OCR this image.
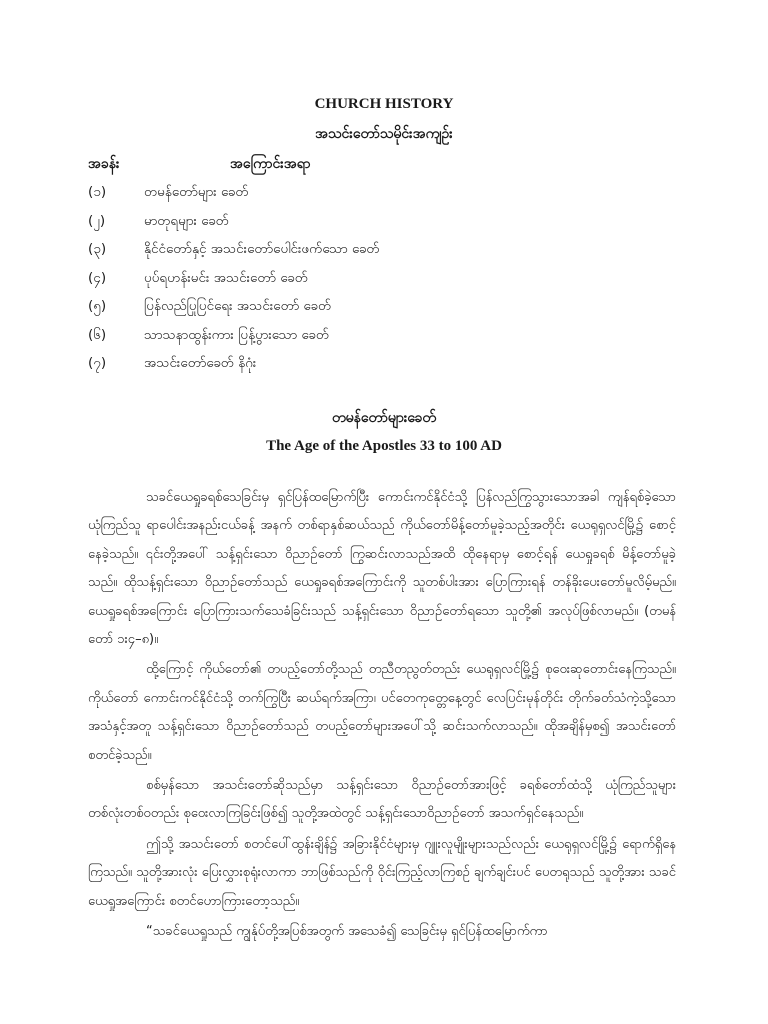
CHURCH HISTORY
အသင်းတော်သမိုင်းအကျဉ်း
အခန်း	အကြောင်းအရာ
(၁)	တမန်တော်များ ခေတ်
(၂)	မာတုရများ ခေတ်
(၃)	နိုင်ငံတော်နှင့် အသင်းတော်ပေါင်းဖက်သော ခေတ်
(၄)	ပုပ်ရဟန်းမင်း အသင်းတော် ခေတ်
(၅)	ပြန်လည်ပြုပြင်ရေး အသင်းတော် ခေတ်
(၆)	သာသနာထွန်းကား ပြန့်ပွားသော ခေတ်
(၇)	အသင်းတော်ခေတ် နိဂုံး
တမန်တော်များခေတ်
The Age of the Apostles 33 to 100 AD

သခင်ယေရှုခရစ်သေခြင်းမှ ရှင်ပြန်ထမြောက်ပြီး ကောင်းကင်နိုင်ငံသို့ ပြန်လည်ကြွသွားသောအခါ ကျန်ရစ်ခဲ့သော ယုံကြည်သူ ရာပေါင်းအနည်းငယ်ခန့် အနက် တစ်ရာနှစ်ဆယ်သည် ကိုယ်တော်မိန့်တော်မူခဲ့သည့်အတိုင်း ယေရုရှလင်မြို့၌ စောင့်နေခဲ့သည်။ ၎င်းတို့အပေါ် သန့်ရှင်းသော ဝိညာဉ်တော် ကြွဆင်းလာသည်အထိ ထိုနေရာမှ စောင့်ရန် ယေရှုခရစ် မိန့်တော်မူခဲ့သည်။ ထိုသန့်ရှင်းသော ဝိညာဉ်တော်သည် ယေရှုခရစ်အကြောင်းကို သူတစ်ပါးအား ပြောကြားရန် တန်ခိုးပေးတော်မူလိမ့်မည်။ ယေရှုခရစ်အကြောင်း ပြောကြားသက်သေခံခြင်းသည် သန့်ရှင်းသော ဝိညာဉ်တော်ရသော သူတို့၏ အလုပ်ဖြစ်လာမည်။ (တမန်တော် ၁း၄–၈)။

ထို့ကြောင့် ကိုယ်တော်၏ တပည့်တော်တို့သည် တညီတညွတ်တည်း ယေရုရှလင်မြို့၌ စုဝေးဆုတောင်းနေကြသည်။ ကိုယ်တော် ကောင်းကင်နိုင်ငံသို့ တက်ကြွပြီး ဆယ်ရက်အကြာ၊ ပင်တေကုတ္တေနေ့တွင် လေပြင်းမုန်တိုင်း တိုက်ခတ်သံကဲ့သို့သော အသံနှင့်အတူ သန့်ရှင်းသော ဝိညာဉ်တော်သည် တပည့်တော်များအပေါ်သို့ ဆင်းသက်လာသည်။ ထိုအချိန်မှစ၍ အသင်းတော် စတင်ခဲ့သည်။

စစ်မှန်သော အသင်းတော်ဆိုသည်မှာ သန့်ရှင်းသော ဝိညာဉ်တော်အားဖြင့် ခရစ်တော်ထံသို့ ယုံကြည်သူများတစ်လုံးတစ်ဝတည်း စုဝေးလာကြခြင်းဖြစ်၍ သူတို့အထဲတွင် သန့်ရှင်းသောဝိညာဉ်တော် အသက်ရှင်နေသည်။

ဤသို့ အသင်းတော် စတင်ပေါ်ထွန်းချိန်၌ အခြားနိုင်ငံများမှ ဂျူးလူမျိုးများသည်လည်း ယေရုရှလင်မြို့၌ ရောက်ရှိနေကြသည်။ သူတို့အားလုံး ပြေးလွှားစုရုံးလာကာ ဘာဖြစ်သည်ကို ဝိုင်းကြည့်လာကြစဉ် ချက်ချင်းပင် ပေတရုသည် သူတို့အား သခင်ယေရှုအကြောင်း စတင်ဟောကြားတော့သည်။

“သခင်ယေရှုသည် ကျွန်ုပ်တို့အပြစ်အတွက် အသေခံ၍ သေခြင်းမှ ရှင်ပြန်ထမြောက်ကာ
